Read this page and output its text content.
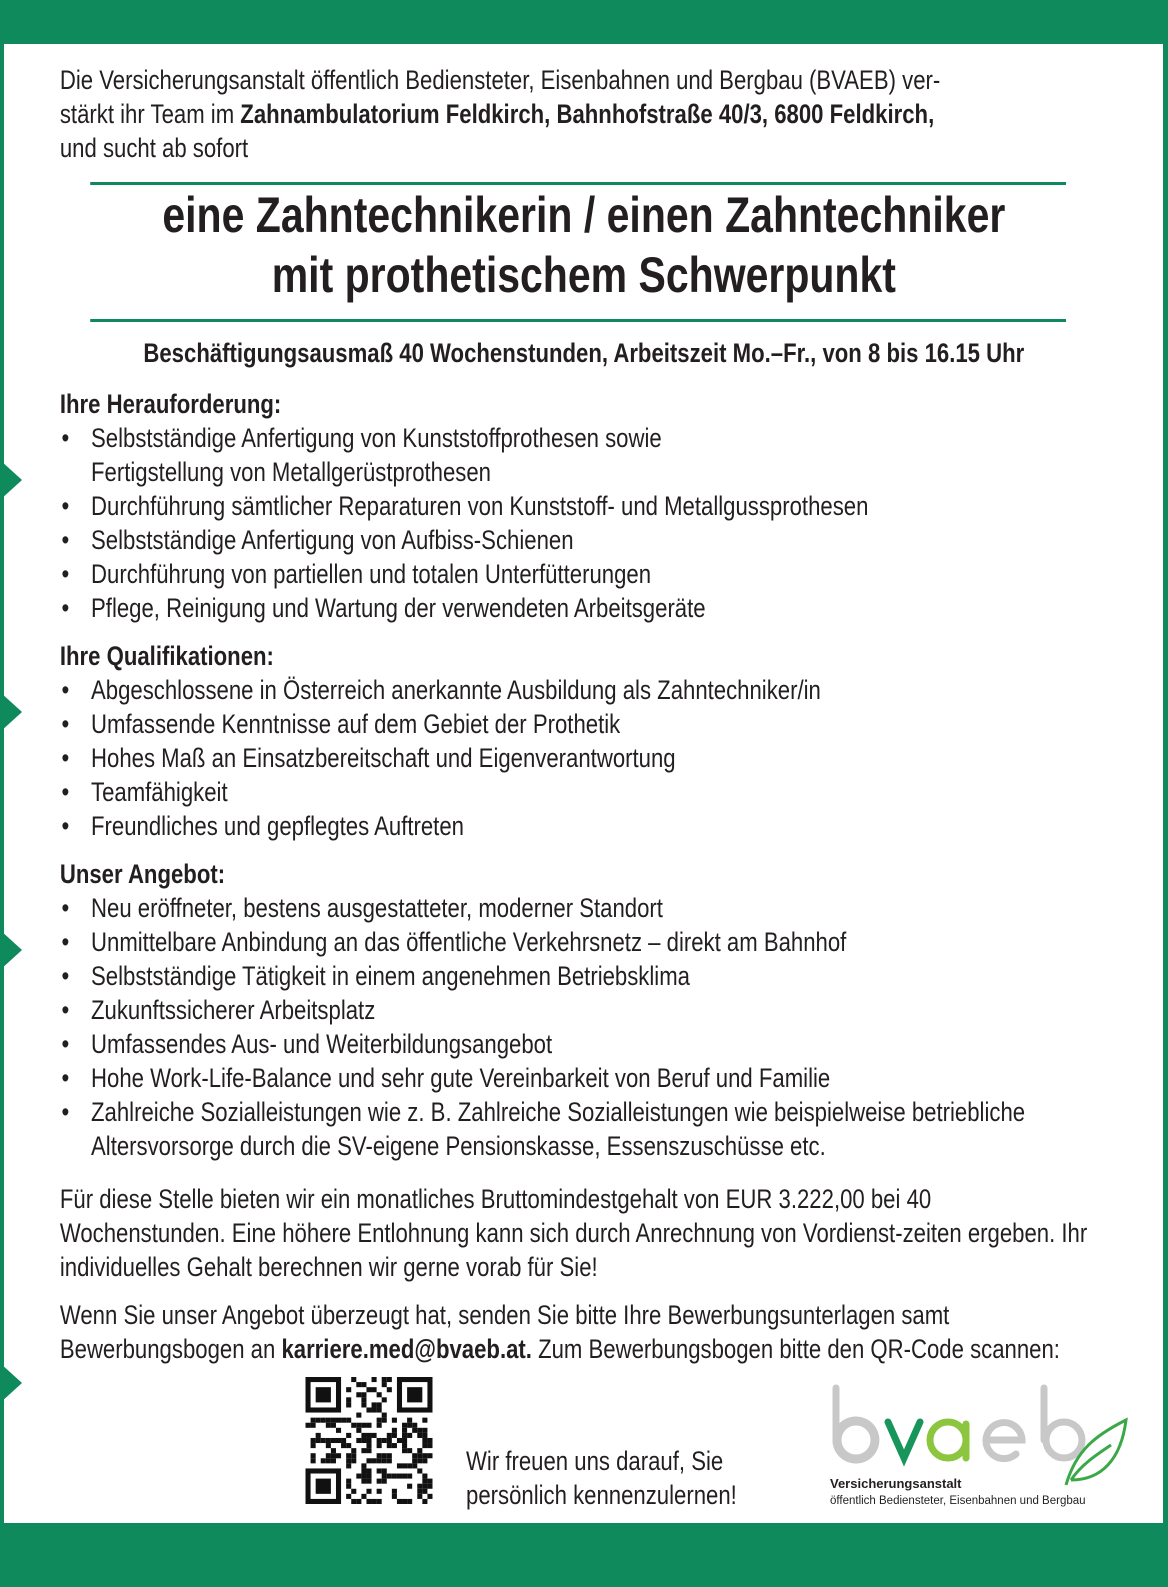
Die Versicherungsanstalt öffentlich Bediensteter, Eisenbahnen und Bergbau (BVAEB) ver-
stärkt ihr Team im Zahnambulatorium Feldkirch, Bahnhofstraße 40/3, 6800 Feldkirch,
und sucht ab sofort
eine Zahntechnikerin / einen Zahntechniker
mit prothetischem Schwerpunkt
Beschäftigungsausmaß 40 Wochenstunden, Arbeitszeit Mo.–Fr., von 8 bis 16.15 Uhr
Ihre Herauforderung:
• Selbstständige Anfertigung von Kunststoffprothesen sowie Fertigstellung von Metallgerüstprothesen
• Durchführung sämtlicher Reparaturen von Kunststoff- und Metallgussprothesen
• Selbstständige Anfertigung von Aufbiss-Schienen
• Durchführung von partiellen und totalen Unterfütterungen
• Pflege, Reinigung und Wartung der verwendeten Arbeitsgeräte
Ihre Qualifikationen:
• Abgeschlossene in Österreich anerkannte Ausbildung als Zahntechniker/in
• Umfassende Kenntnisse auf dem Gebiet der Prothetik
• Hohes Maß an Einsatzbereitschaft und Eigenverantwortung
• Teamfähigkeit
• Freundliches und gepflegtes Auftreten
Unser Angebot:
• Neu eröffneter, bestens ausgestatteter, moderner Standort
• Unmittelbare Anbindung an das öffentliche Verkehrsnetz – direkt am Bahnhof
• Selbstständige Tätigkeit in einem angenehmen Betriebsklima
• Zukunftssicherer Arbeitsplatz
• Umfassendes Aus- und Weiterbildungsangebot
• Hohe Work-Life-Balance und sehr gute Vereinbarkeit von Beruf und Familie
• Zahlreiche Sozialleistungen wie z. B. Zahlreiche Sozialleistungen wie beispielweise betriebliche Altersvorsorge durch die SV-eigene Pensionskasse, Essenszuschüsse etc.
Für diese Stelle bieten wir ein monatliches Bruttomindestgehalt von EUR 3.222,00 bei 40 Wochenstunden. Eine höhere Entlohnung kann sich durch Anrechnung von Vordienst-zeiten ergeben. Ihr individuelles Gehalt berechnen wir gerne vorab für Sie!
Wenn Sie unser Angebot überzeugt hat, senden Sie bitte Ihre Bewerbungsunterlagen samt Bewerbungsbogen an karriere.med@bvaeb.at. Zum Bewerbungsbogen bitte den QR-Code scannen:
Wir freuen uns darauf, Sie
persönlich kennenzulernen!	Versicherungsanstalt
öffentlich Bediensteter, Eisenbahnen und Bergbau
